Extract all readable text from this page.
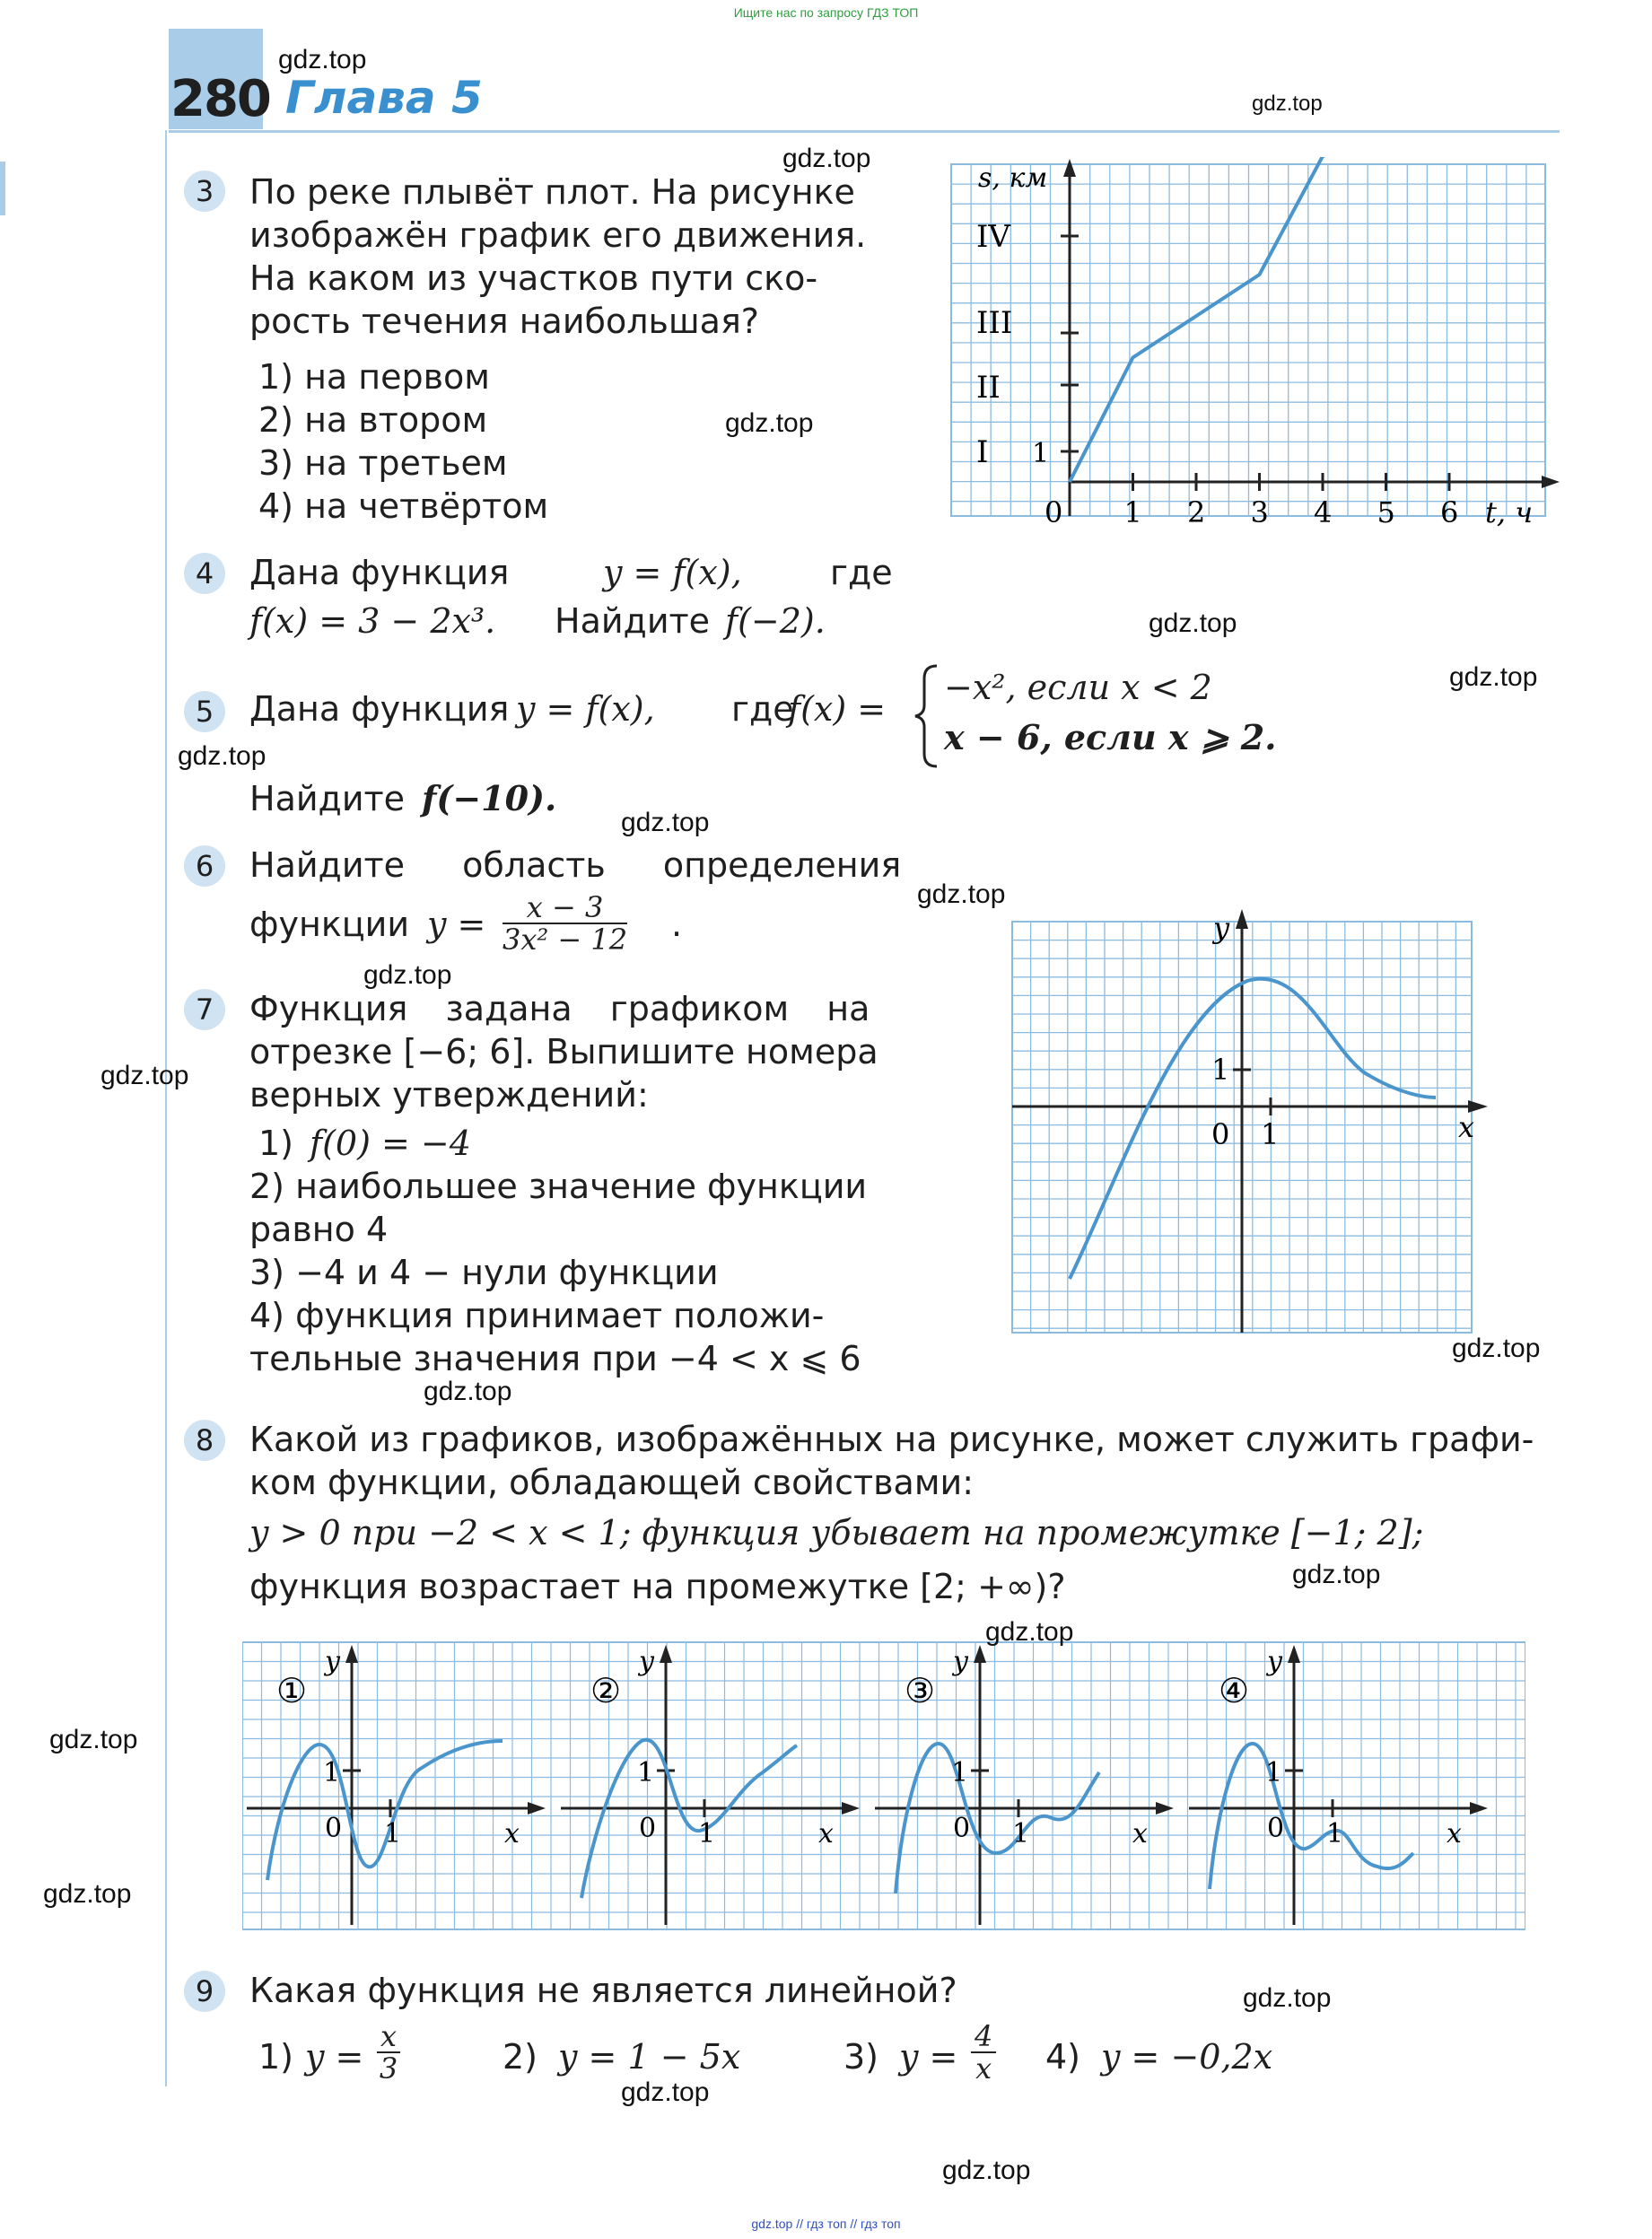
Ищите нас по запросу ГДЗ ТОП
280 Глава 5
3	По реке плывёт плот. На рисунке
изображён график его движения.
На каком из участков пути ско-
рость течения наибольшая?
1) на первом
2) на втором
3) на третьем
4) на четвёртом
s, км
t, ч
IV
III
II
I 1
0 1 2 3 4 5 6
4	Дана функция	y = f(x),	где
f(x) = 3 − 2x³. Найдите f(−2).
5	Дана функция y = f(x), где
f(x) =
−x², если x < 2
x − 6, если x ⩾ 2.
Найдите f(−10).
6	Найдите область определения
функции $y = \frac{x - 3}{\text{3x² − 12}}$ .
7	Функция задана графиком на
отрезке [−6; 6]. Выпишите номера
верных утверждений:
1) f(0) = −4
2) наибольшее значение функции
равно 4
3) −4 и 4 − нули функции
4) функция принимает положи-
тельные значения при −4 < x ⩽ 6
y
x
0 1
1
8	Какой из графиков, изображённых на рисунке, может служить графи-
ком функции, обладающей свойствами:
y > 0 при −2 < x < 1; функция убывает на промежутке [−1; 2];
функция возрастает на промежутке [2; +∞)?
①
y
x
0 1
1
②
y
x
0 1
1
③
y
x
0 1
1
④
y
x
0 1
1
9	Какая функция не является линейной?
1) $y = \frac{x}{3}$	2) y = 1 − 5x	3) $y = \frac{4}{x} 4$) y = −0,2x
gdz.top
gdz.top
gdz.top
gdz.top
gdz.top
gdz.top
gdz.top
gdz.top
gdz.top
gdz.top
gdz.top
gdz.top
gdz.top
gdz.top
gdz.top
gdz.top
gdz.top
gdz.top
gdz.top
gdz.top
gdz.top // гдз топ // гдз топ
